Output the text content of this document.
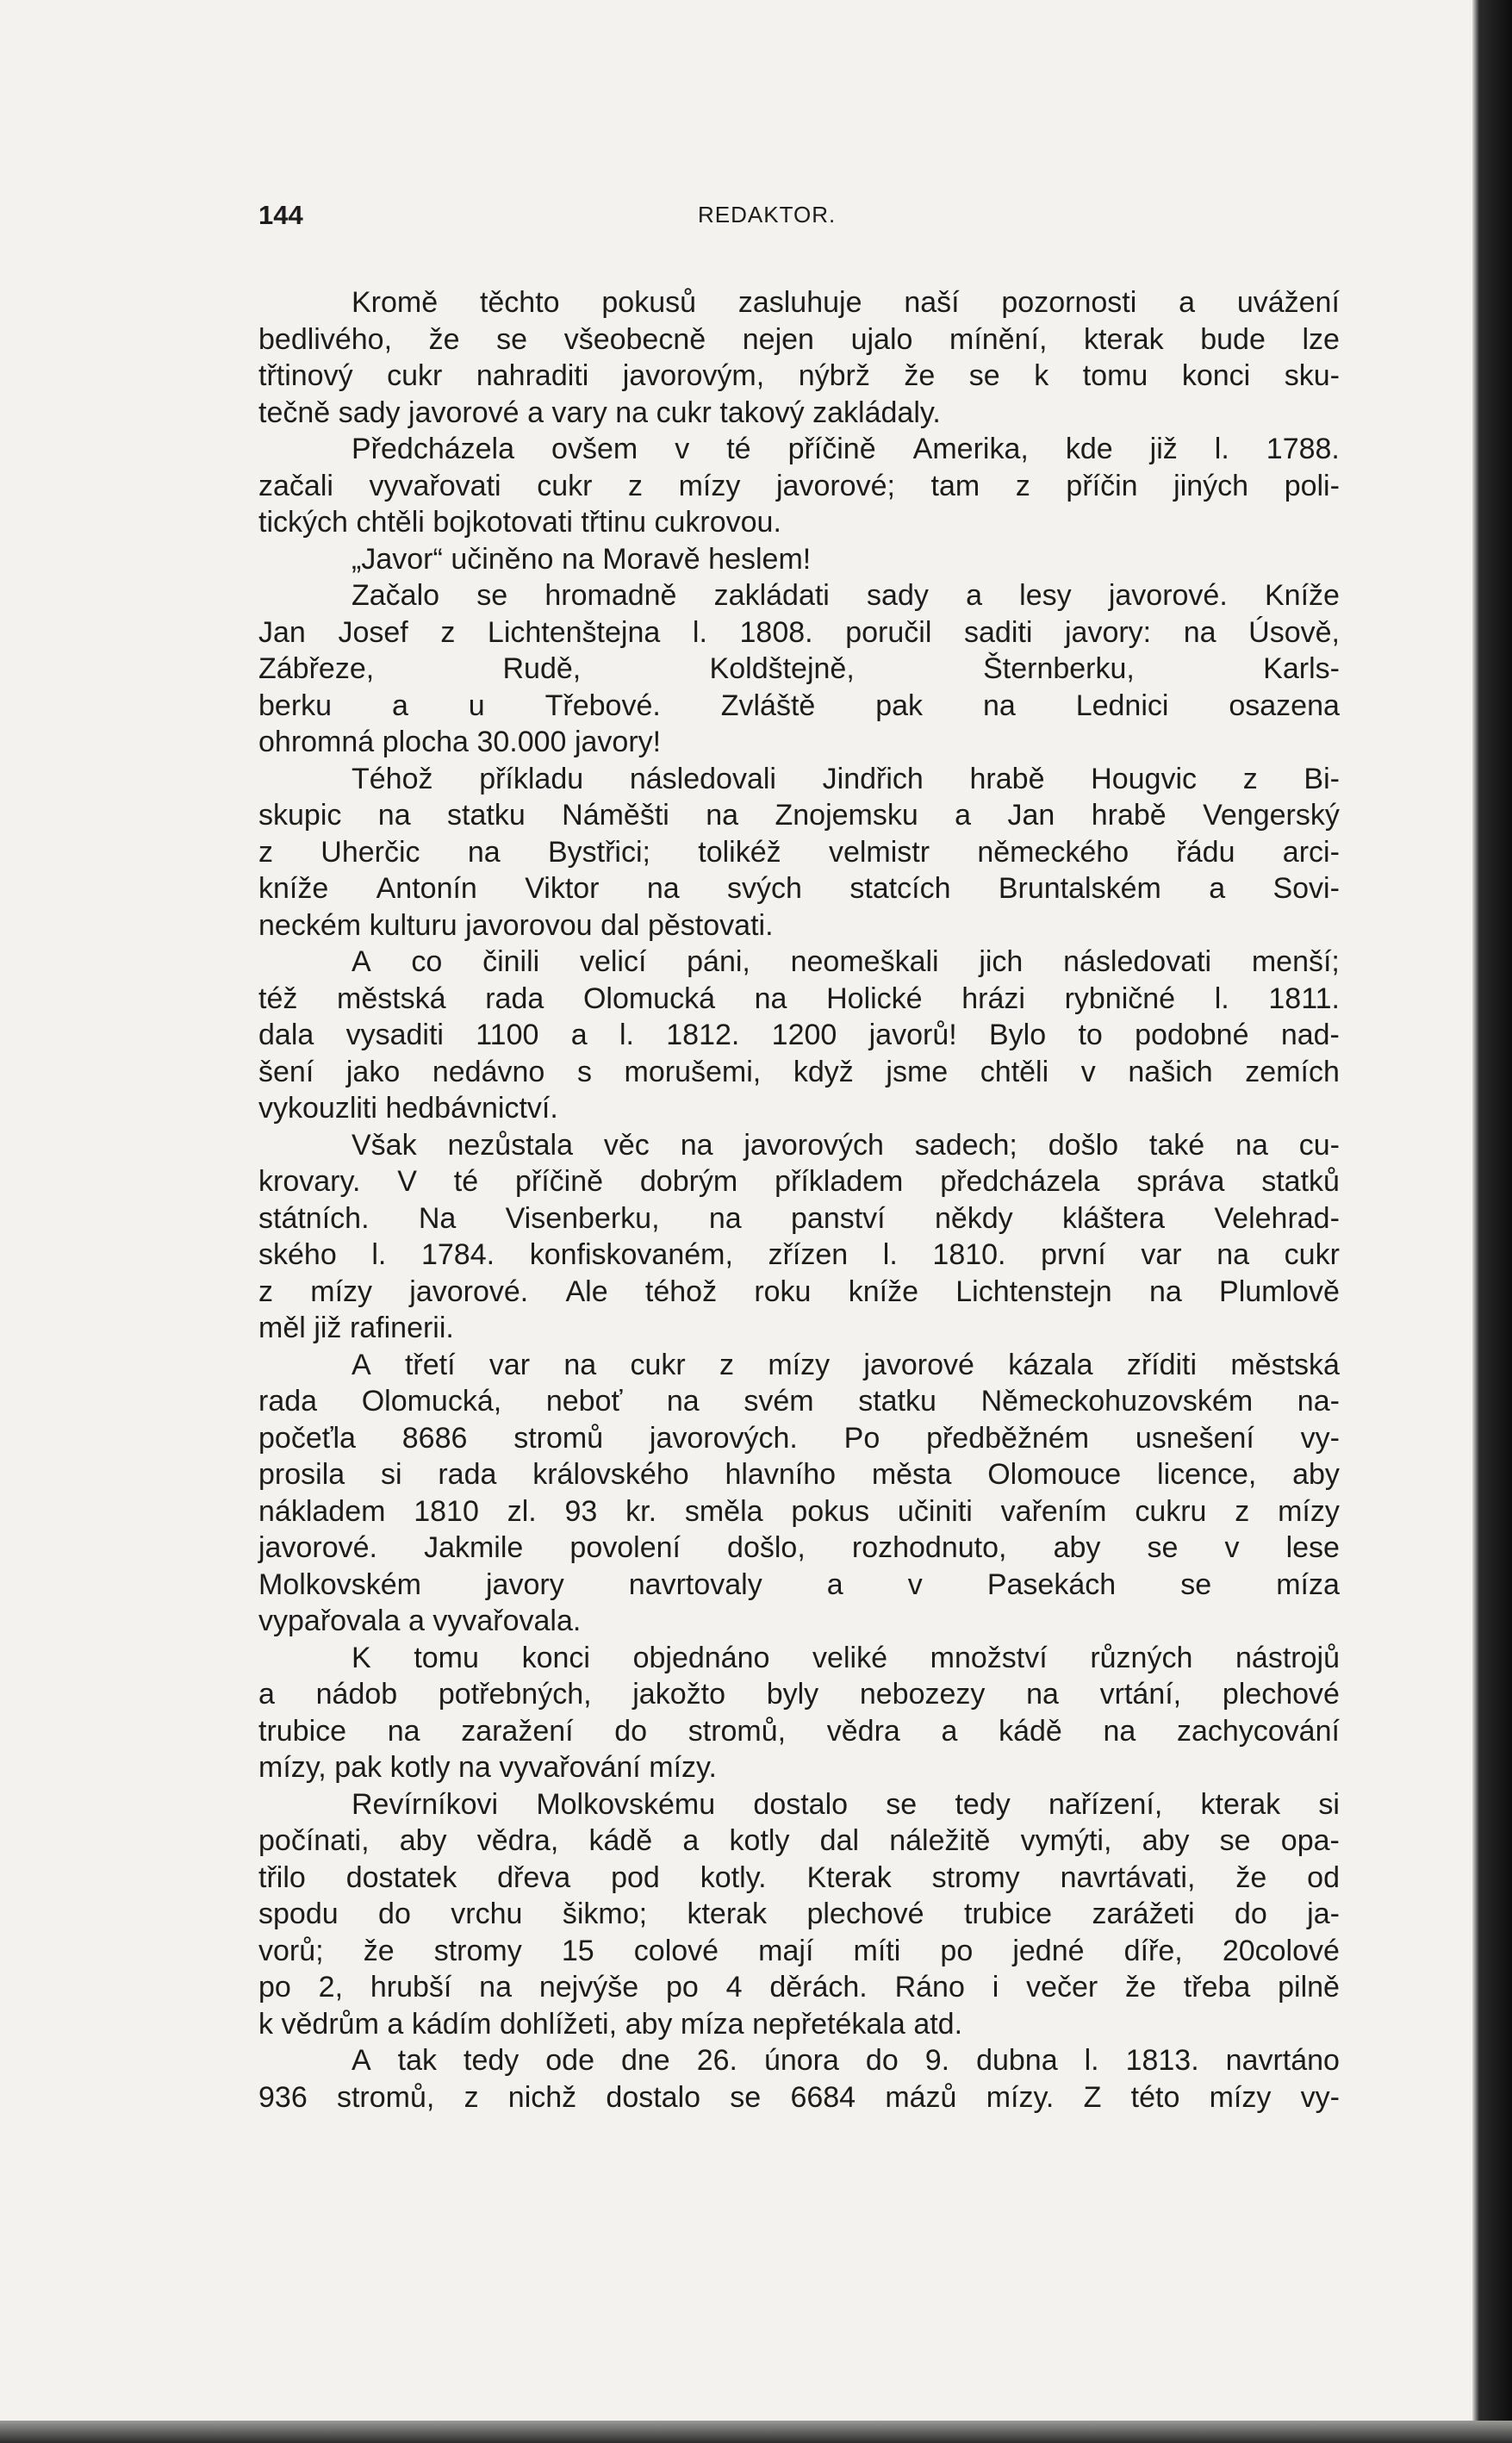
144	REDAKTOR.
Kromě těchto pokusů zasluhuje naší pozornosti a uvážení
bedlivého, že se všeobecně nejen ujalo mínění, kterak bude lze
třtinový cukr nahraditi javorovým, nýbrž že se k tomu konci sku-
tečně sady javorové a vary na cukr takový zakládaly.
Předcházela ovšem v té příčině Amerika, kde již l. 1788.
začali vyvařovati cukr z mízy javorové; tam z příčin jiných poli-
tických chtěli bojkotovati třtinu cukrovou.
„Javor“ učiněno na Moravě heslem!
Začalo se hromadně zakládati sady a lesy javorové. Kníže
Jan Josef z Lichtenštejna l. 1808. poručil saditi javory: na Úsově,
Zábřeze,	Rudě,	Koldštejně,	Šternberku,	Karls-
berku a u Třebové. Zvláště pak na Lednici osazena
ohromná plocha 30.000 javory!
Téhož příkladu následovali Jindřich hrabě Hougvic z Bi-
skupic na statku Náměšti na Znojemsku a Jan hrabě Vengerský
z Uherčic na Bystřici; tolikéž velmistr německého řádu arci-
kníže Antonín Viktor na svých statcích Bruntalském a Sovi-
neckém kulturu javorovou dal pěstovati.
A co činili velicí páni, neomeškali jich následovati menší;
též městská rada Olomucká na Holické hrázi rybničné l. 1811.
dala vysaditi 1100 a l. 1812. 1200 javorů! Bylo to podobné nad-
šení jako nedávno s morušemi, když jsme chtěli v našich zemích
vykouzliti hedbávnictví.
Však nezůstala věc na javorových sadech; došlo také na cu-
krovary. V té příčině dobrým příkladem předcházela správa statků
státních. Na Visenberku, na panství někdy kláštera Velehrad-
ského l. 1784. konfiskovaném, zřízen l. 1810. první var na cukr
z mízy javorové. Ale téhož roku kníže Lichtenstejn na Plumlově
měl již rafinerii.
A třetí var na cukr z mízy javorové kázala zříditi městská
rada Olomucká, neboť na svém statku Německohuzovském na-
počeťla 8686 stromů javorových. Po předběžném usnešení vy-
prosila si rada královského hlavního města Olomouce licence, aby
nákladem 1810 zl. 93 kr. směla pokus učiniti vařením cukru z mízy
javorové. Jakmile povolení došlo, rozhodnuto, aby se v lese
Molkovském javory navrtovaly a v Pasekách se míza
vypařovala a vyvařovala.
K tomu konci objednáno veliké množství různých nástrojů
a nádob potřebných, jakožto byly nebozezy na vrtání, plechové
trubice na zaražení do stromů, vědra a kádě na zachycování
mízy, pak kotly na vyvařování mízy.
Revírníkovi Molkovskému dostalo se tedy nařízení, kterak si
počínati, aby vědra, kádě a kotly dal náležitě vymýti, aby se opa-
třilo dostatek dřeva pod kotly. Kterak stromy navrtávati, že od
spodu do vrchu šikmo; kterak plechové trubice zarážeti do ja-
vorů; že stromy 15 colové mají míti po jedné díře, 20colové
po 2, hrubší na nejvýše po 4 děrách. Ráno i večer že třeba pilně
k vědrům a kádím dohlížeti, aby míza nepřetékala atd.
A tak tedy ode dne 26. února do 9. dubna l. 1813. navrtáno
936 stromů, z nichž dostalo se 6684 mázů mízy. Z této mízy vy-
